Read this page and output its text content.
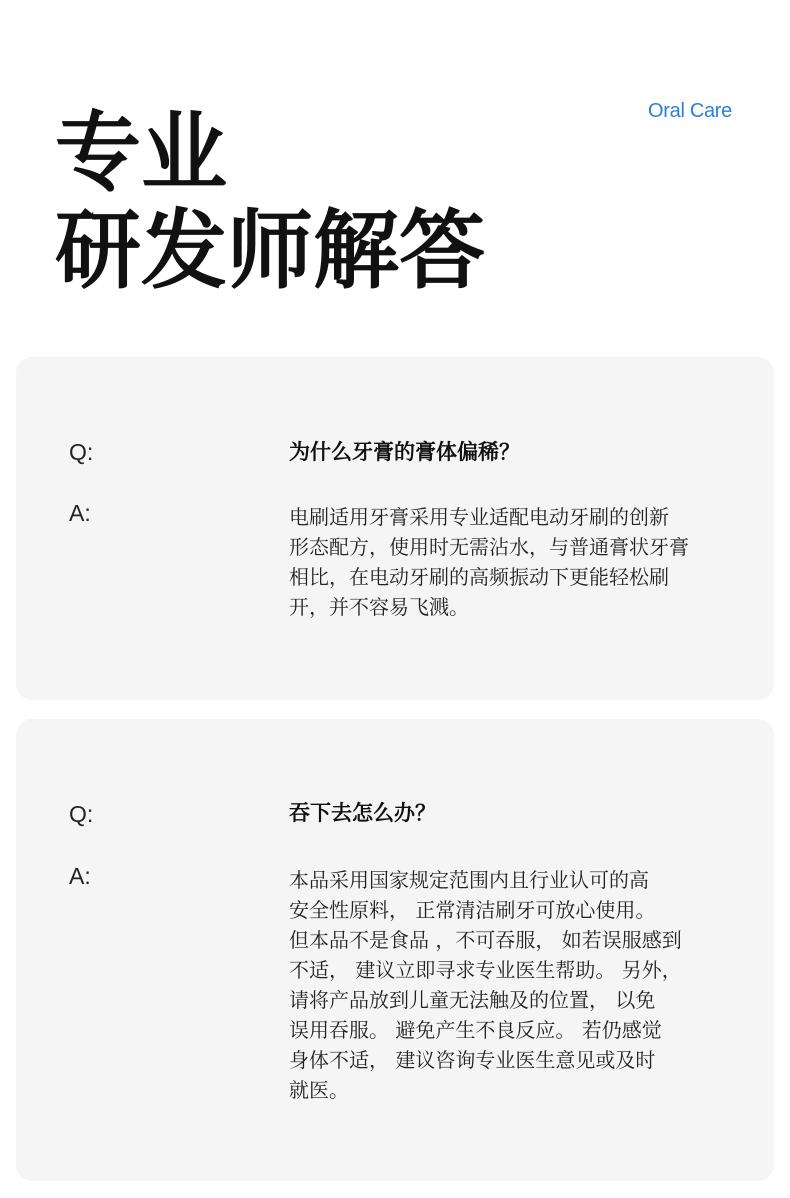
Oral Care
专业
研发师解答
Q:	为什么牙膏的膏体偏稀？
A:	电刷适用牙膏采用专业适配电动牙刷的创新
形态配方，使用时无需沾水，与普通膏状牙膏
相比，在电动牙刷的高频振动下更能轻松刷
开，并不容易飞溅。

Q:	吞下去怎么办？
A:	本品采用国家规定范围内且行业认可的高
安全性原料， 正常清洁刷牙可放心使用。
但本品不是食品 ，不可吞服， 如若误服感到
不适， 建议立即寻求专业医生帮助。 另外，
请将产品放到儿童无法触及的位置， 以免
误用吞服。 避免产生不良反应。 若仍感觉
身体不适， 建议咨询专业医生意见或及时
就医。
